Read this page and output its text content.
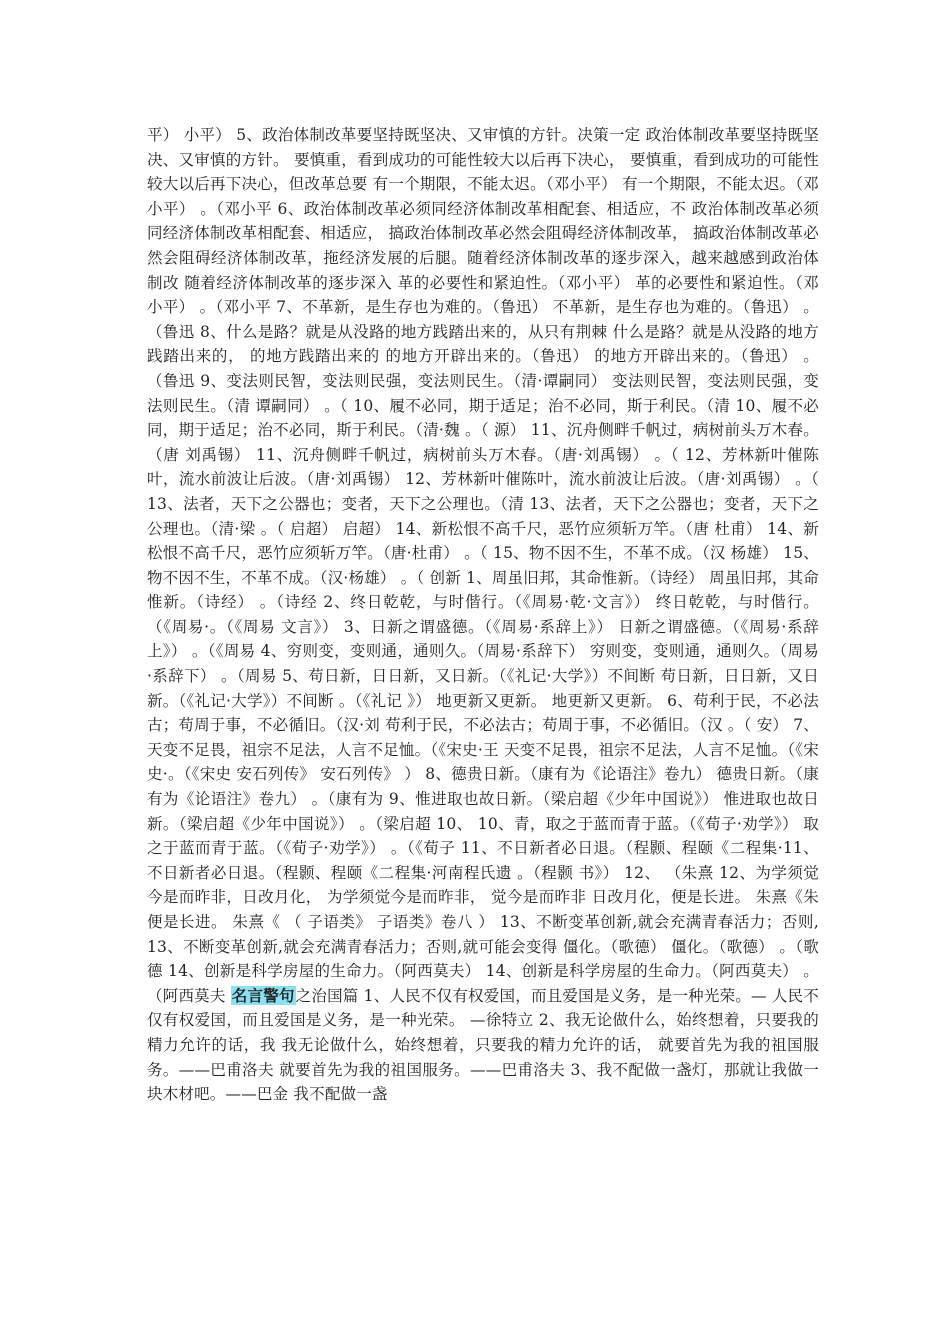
平） 小平） 5、政治体制改革要坚持既坚决、又审慎的方针。决策一定 政治体制改革要坚持既坚决、又审慎的方针。 要慎重，看到成功的可能性较大以后再下决心， 要慎重，看到成功的可能性较大以后再下决心，但改革总要 有一个期限，不能太迟。（邓小平） 有一个期限，不能太迟。（邓小平） 。（邓小平 6、政治体制改革必须同经济体制改革相配套、相适应，不 政治体制改革必须同经济体制改革相配套、相适应， 搞政治体制改革必然会阻碍经济体制改革， 搞政治体制改革必然会阻碍经济体制改革，拖经济发展的后腿。随着经济体制改革的逐步深入，越来越感到政治体制改 随着经济体制改革的逐步深入 革的必要性和紧迫性。（邓小平） 革的必要性和紧迫性。（邓小平） 。（邓小平 7、不革新，是生存也为难的。（鲁迅） 不革新，是生存也为难的。（鲁迅） 。（鲁迅 8、什么是路？就是从没路的地方践踏出来的，从只有荆棘 什么是路？就是从没路的地方践踏出来的， 的地方践踏出来的 的地方开辟出来的。（鲁迅） 的地方开辟出来的。（鲁迅） 。（鲁迅 9、变法则民智，变法则民强，变法则民生。（清·谭嗣同） 变法则民智，变法则民强，变法则民生。（清 谭嗣同） 。（ 10、履不必同，期于适足；治不必同，斯于利民。（清 10、履不必同，期于适足；治不必同，斯于利民。（清·魏 。（ 源） 11、沉舟侧畔千帆过，病树前头万木春。（唐 刘禹锡） 11、沉舟侧畔千帆过，病树前头万木春。（唐·刘禹锡） 。（ 12、芳林新叶催陈叶，流水前波让后波。（唐·刘禹锡） 12、芳林新叶催陈叶，流水前波让后波。（唐·刘禹锡） 。（ 13、法者，天下之公器也；变者，天下之公理也。（清 13、法者，天下之公器也；变者，天下之公理也。（清·梁 。（ 启超） 启超） 14、新松恨不高千尺，恶竹应须斩万竿。（唐 杜甫） 14、新松恨不高千尺，恶竹应须斩万竿。（唐·杜甫） 。（ 15、物不因不生，不革不成。（汉 杨雄） 15、物不因不生，不革不成。（汉·杨雄） 。（ 创新 1、周虽旧邦，其命惟新。（诗经） 周虽旧邦，其命惟新。（诗经） 。（诗经 2、终日乾乾，与时偕行。（《周易·乾·文言》） 终日乾乾，与时偕行。（《周易·。（《周易 文言》） 3、日新之谓盛德。（《周易·系辞上》） 日新之谓盛德。（《周易·系辞上》） 。（《周易 4、穷则变，变则通，通则久。（周易·系辞下） 穷则变，变则通，通则久。（周易·系辞下） 。（周易 5、苟日新，日日新，又日新。（《礼记·大学》）不间断 苟日新，日日新，又日新。（《礼记·大学》）不间断 。（《礼记 》） 地更新又更新。 地更新又更新。 6、苟利于民，不必法古；苟周于事，不必循旧。（汉·刘 苟利于民，不必法古；苟周于事，不必循旧。（汉 。（ 安） 7、天变不足畏，祖宗不足法，人言不足恤。（《宋史·王 天变不足畏，祖宗不足法，人言不足恤。（《宋史·。（《宋史 安石列传》 安石列传》 ） 8、德贵日新。（康有为《论语注》卷九） 德贵日新。（康有为《论语注》卷九） 。（康有为 9、惟进取也故日新。（梁启超《少年中国说》） 惟进取也故日新。（梁启超《少年中国说》） 。（梁启超 10、 10、青，取之于蓝而青于蓝。（《荀子·劝学》） 取之于蓝而青于蓝。（《荀子·劝学》） 。（《荀子 11、不日新者必日退。（程颢、程颐《二程集·11、不日新者必日退。（程颢、程颐《二程集·河南程氏遗 。（程颢 书》） 12、 （朱熹 12、为学须觉今是而昨非，日改月化， 为学须觉今是而昨非， 觉今是而昨非 日改月化，便是长进。 朱熹《朱 便是长进。 朱熹《 （ 子语类》 子语类》卷八 ） 13、不断变革创新,就会充满青春活力；否则, 13、不断变革创新,就会充满青春活力；否则,就可能会变得 僵化。（歌德） 僵化。（歌德） 。（歌德 14、创新是科学房屋的生命力。（阿西莫夫） 14、创新是科学房屋的生命力。（阿西莫夫） 。（阿西莫夫 名言警句之治国篇 1、人民不仅有权爱国，而且爱国是义务，是一种光荣。— 人民不仅有权爱国，而且爱国是义务，是一种光荣。 —徐特立 2、我无论做什么，始终想着，只要我的精力允许的话，我 我无论做什么，始终想着，只要我的精力允许的话， 就要首先为我的祖国服务。——巴甫洛夫 就要首先为我的祖国服务。——巴甫洛夫 3、我不配做一盏灯，那就让我做一块木材吧。——巴金 我不配做一盏
